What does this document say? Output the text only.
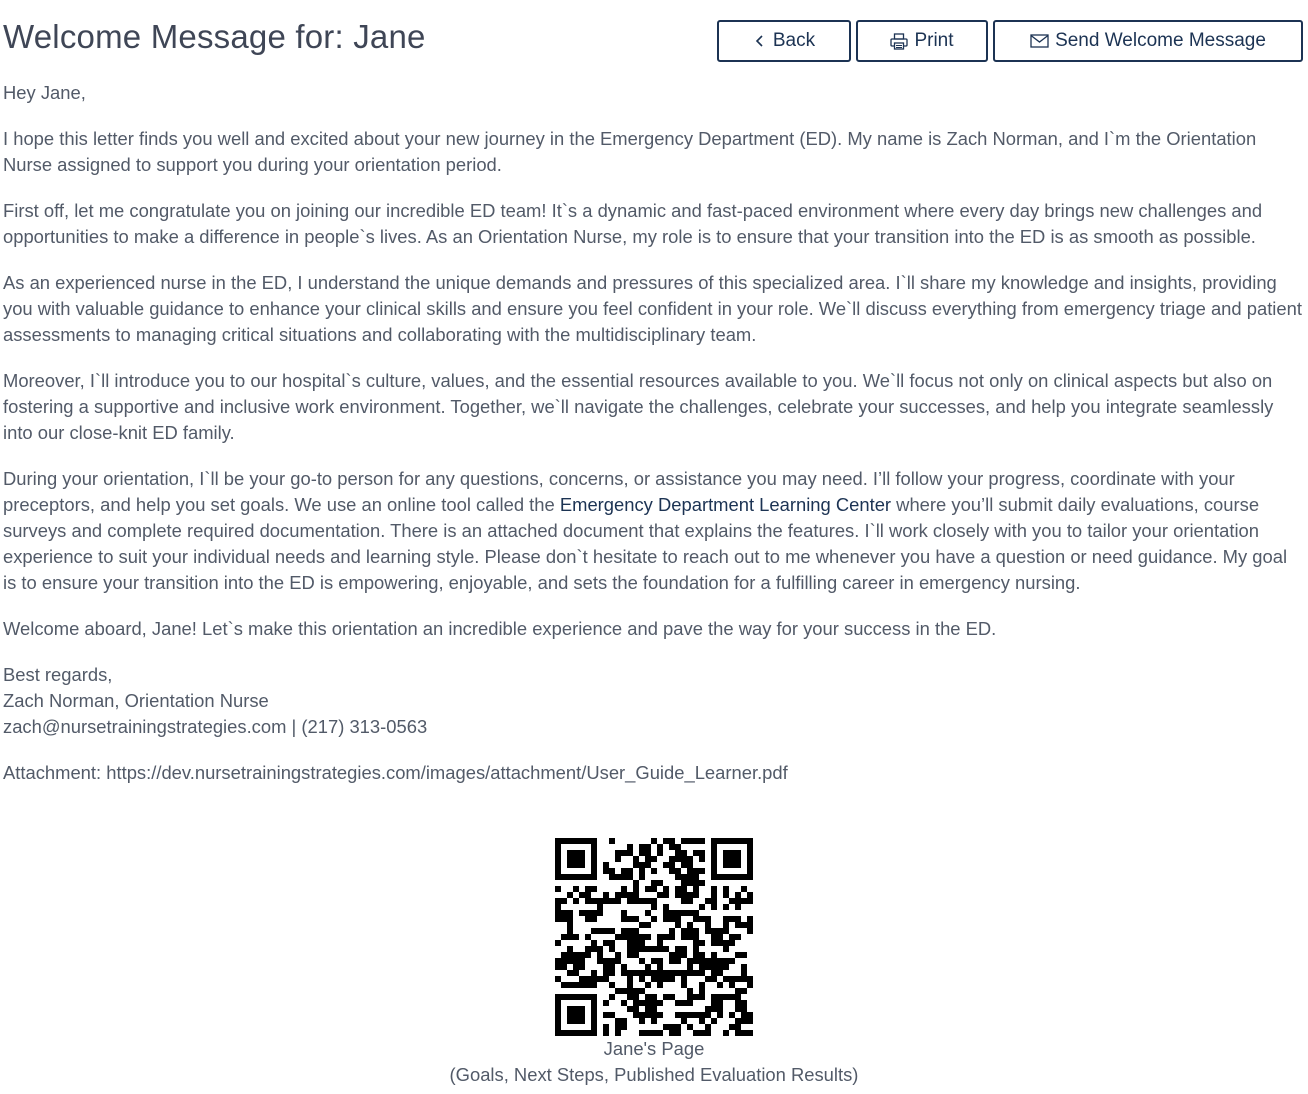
Welcome Message for: Jane	Back	Print	Send Welcome Message

Hey Jane,

I hope this letter finds you well and excited about your new journey in the Emergency Department (ED). My name is Zach Norman, and I`m the Orientation Nurse assigned to support you during your orientation period.

First off, let me congratulate you on joining our incredible ED team! It`s a dynamic and fast-paced environment where every day brings new challenges and opportunities to make a difference in people`s lives. As an Orientation Nurse, my role is to ensure that your transition into the ED is as smooth as possible.

As an experienced nurse in the ED, I understand the unique demands and pressures of this specialized area. I`ll share my knowledge and insights, providing you with valuable guidance to enhance your clinical skills and ensure you feel confident in your role. We`ll discuss everything from emergency triage and patient assessments to managing critical situations and collaborating with the multidisciplinary team.

Moreover, I`ll introduce you to our hospital`s culture, values, and the essential resources available to you. We`ll focus not only on clinical aspects but also on fostering a supportive and inclusive work environment. Together, we`ll navigate the challenges, celebrate your successes, and help you integrate seamlessly into our close-knit ED family.

During your orientation, I`ll be your go-to person for any questions, concerns, or assistance you may need. I’ll follow your progress, coordinate with your preceptors, and help you set goals. We use an online tool called the Emergency Department Learning Center where you’ll submit daily evaluations, course surveys and complete required documentation. There is an attached document that explains the features. I`ll work closely with you to tailor your orientation experience to suit your individual needs and learning style. Please don`t hesitate to reach out to me whenever you have a question or need guidance. My goal is to ensure your transition into the ED is empowering, enjoyable, and sets the foundation for a fulfilling career in emergency nursing.

Welcome aboard, Jane! Let`s make this orientation an incredible experience and pave the way for your success in the ED.

Best regards,
Zach Norman, Orientation Nurse
zach@nursetrainingstrategies.com | (217) 313-0563

Attachment: https://dev.nursetrainingstrategies.com/images/attachment/User_Guide_Learner.pdf

Jane's Page
(Goals, Next Steps, Published Evaluation Results)
